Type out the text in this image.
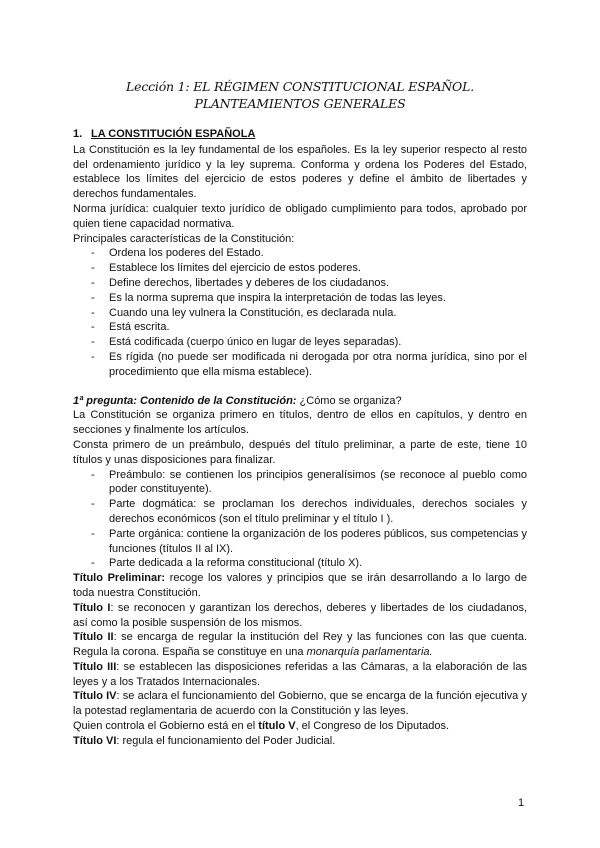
Lección 1: EL RÉGIMEN CONSTITUCIONAL ESPAÑOL. PLANTEAMIENTOS GENERALES
1. LA CONSTITUCIÓN ESPAÑOLA

La Constitución es la ley fundamental de los españoles. Es la ley superior respecto al resto del ordenamiento jurídico y la ley suprema. Conforma y ordena los Poderes del Estado, establece los límites del ejercicio de estos poderes y define el ámbito de libertades y derechos fundamentales.

Norma jurídica: cualquier texto jurídico de obligado cumplimiento para todos, aprobado por quien tiene capacidad normativa.

Principales características de la Constitución:

- Ordena los poderes del Estado.
- Establece los límites del ejercicio de estos poderes.
- Define derechos, libertades y deberes de los ciudadanos.
- Es la norma suprema que inspira la interpretación de todas las leyes.
- Cuando una ley vulnera la Constitución, es declarada nula.
- Está escrita.
- Está codificada (cuerpo único en lugar de leyes separadas).
- Es rígida (no puede ser modificada ni derogada por otra norma jurídica, sino por el procedimiento que ella misma establece).

1ª pregunta: Contenido de la Constitución: ¿Cómo se organiza?

La Constitución se organiza primero en títulos, dentro de ellos en capítulos, y dentro en secciones y finalmente los artículos.

Consta primero de un preámbulo, después del título preliminar, a parte de este, tiene 10 títulos y unas disposiciones para finalizar.

- Preámbulo: se contienen los principios generalísimos (se reconoce al pueblo como poder constituyente).
- Parte dogmática: se proclaman los derechos individuales, derechos sociales y derechos económicos (son el título preliminar y el título I ).
- Parte orgánica: contiene la organización de los poderes públicos, sus competencias y funciones (títulos II al IX).
- Parte dedicada a la reforma constitucional (título X).

Título Preliminar: recoge los valores y principios que se irán desarrollando a lo largo de toda nuestra Constitución.

Título I: se reconocen y garantizan los derechos, deberes y libertades de los ciudadanos, así como la posible suspensión de los mismos.

Título II: se encarga de regular la institución del Rey y las funciones con las que cuenta. Regula la corona. España se constituye en una monarquía parlamentaria.

Título III: se establecen las disposiciones referidas a las Cámaras, a la elaboración de las leyes y a los Tratados Internacionales.

Título IV: se aclara el funcionamiento del Gobierno, que se encarga de la función ejecutiva y la potestad reglamentaria de acuerdo con la Constitución y las leyes.

Quien controla el Gobierno está en el título V, el Congreso de los Diputados.

Título VI: regula el funcionamiento del Poder Judicial.

1
